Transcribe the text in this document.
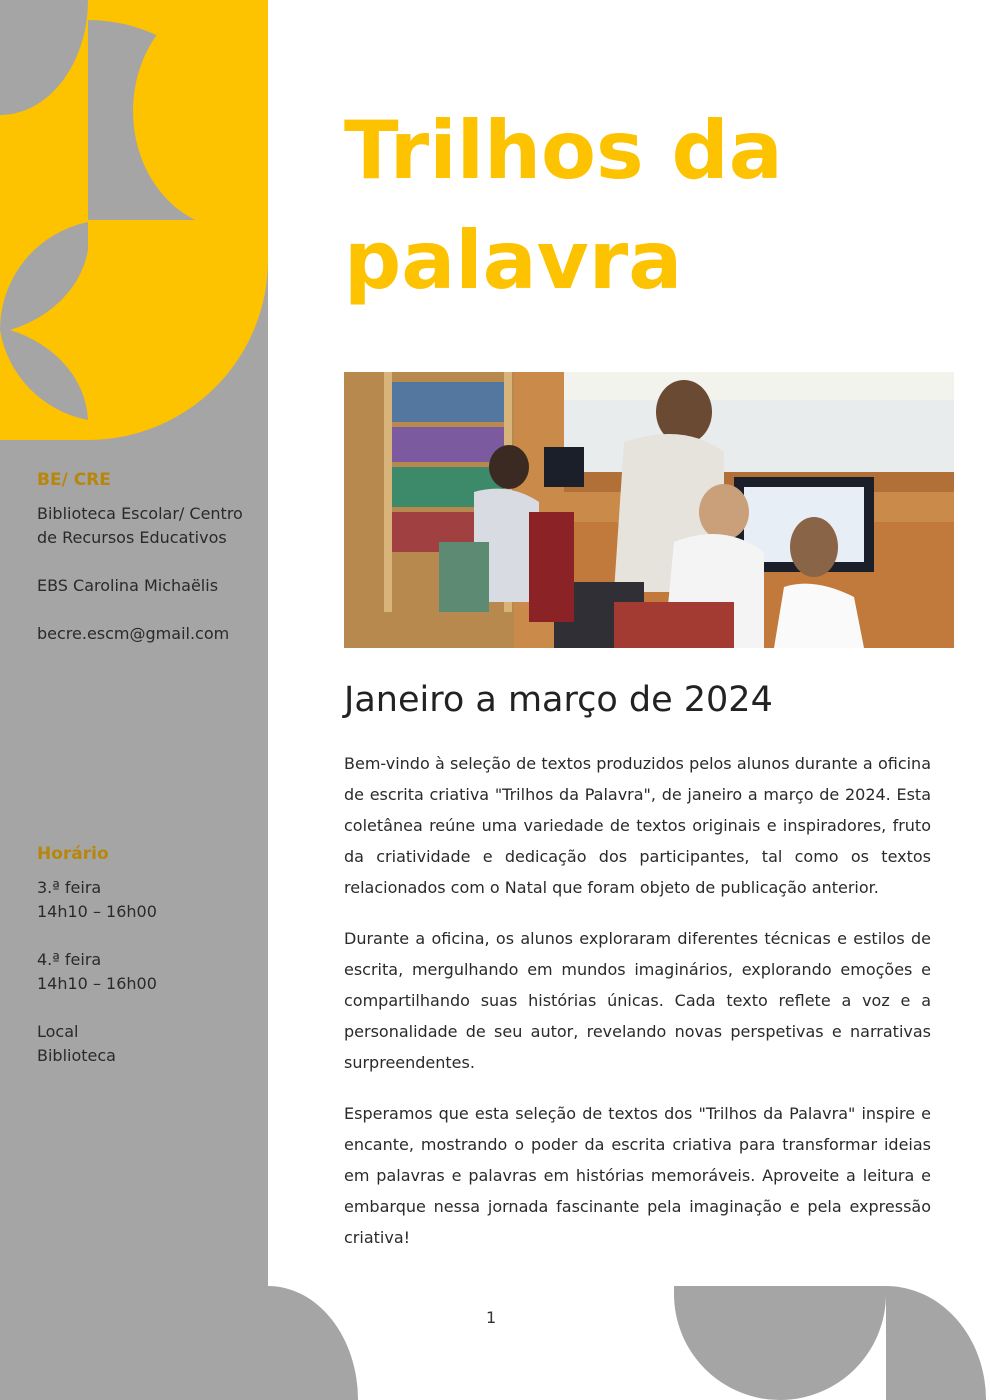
BE/ CRE

Biblioteca Escolar/ Centro de Recursos Educativos

EBS Carolina Michaëlis

becre.escm@gmail.com

Horário

3.ª feira
14h10 – 16h00
4.ª feira
14h10 – 16h00
Local
Biblioteca
Trilhos da palavra
Janeiro a março de 2024

Bem-vindo à seleção de textos produzidos pelos alunos durante a oficina de escrita criativa "Trilhos da Palavra", de janeiro a março de 2024. Esta coletânea reúne uma variedade de textos originais e inspiradores, fruto da criatividade e dedicação dos participantes, tal como os textos relacionados com o Natal que foram objeto de publicação anterior.

Durante a oficina, os alunos exploraram diferentes técnicas e estilos de escrita, mergulhando em mundos imaginários, explorando emoções e compartilhando suas histórias únicas. Cada texto reflete a voz e a personalidade de seu autor, revelando novas perspetivas e narrativas surpreendentes.

Esperamos que esta seleção de textos dos "Trilhos da Palavra" inspire e encante, mostrando o poder da escrita criativa para transformar ideias em palavras e palavras em histórias memoráveis. Aproveite a leitura e embarque nessa jornada fascinante pela imaginação e pela expressão criativa!

1
